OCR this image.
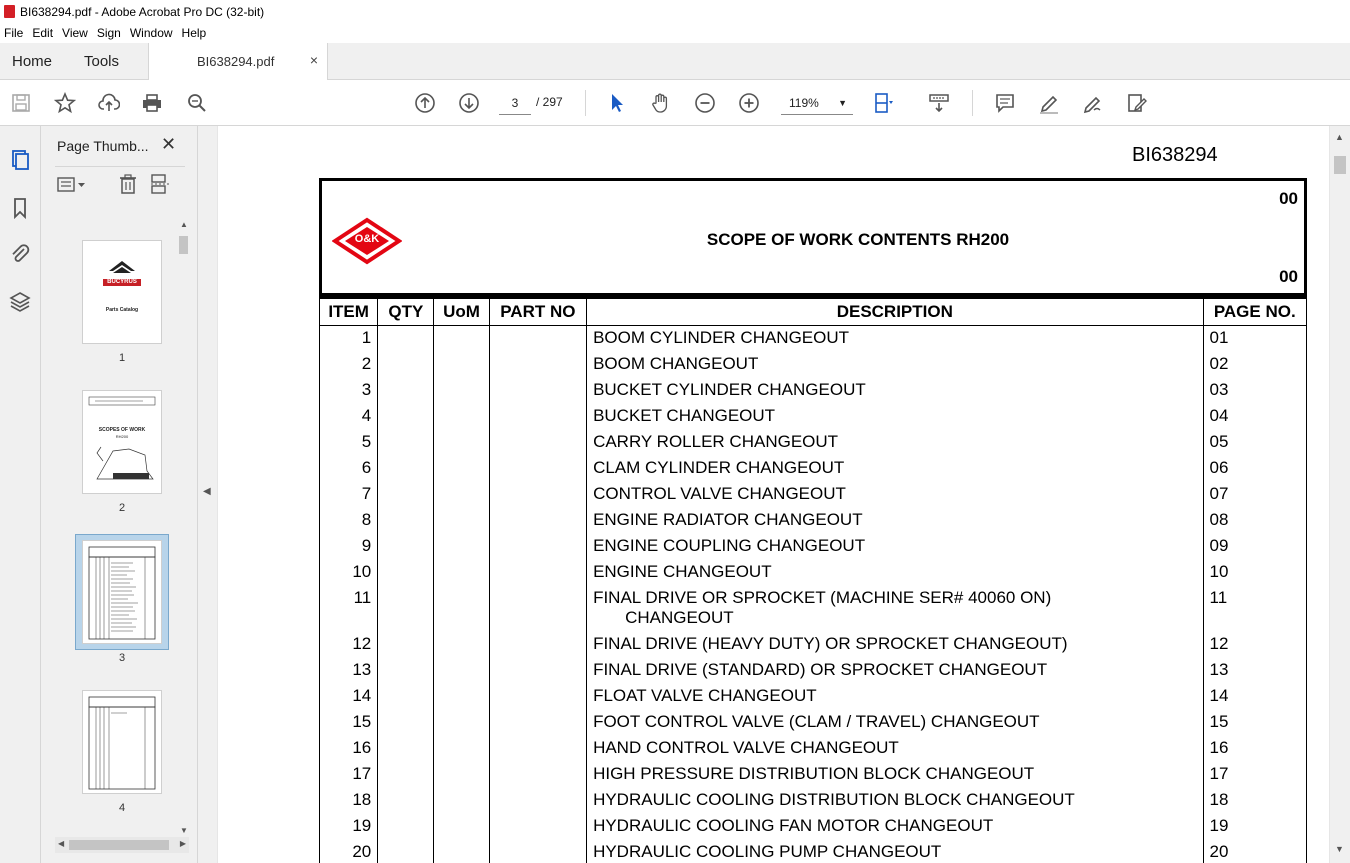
BI638294.pdf - Adobe Acrobat Pro DC (32-bit)
File Edit View Sign Window Help
Home Tools	BI638294.pdf	×
3	/ 297	119% ▼
Page Thumb... ✕
BUCYRUS
Parts Catalog
1
SCOPES OF WORK
RH200
2
3
4
▲
▼
◀	▶
◀
BI638294
O&K
00
SCOPE OF WORK CONTENTS RH200
00
ITEM	QTY	UoM	PART NO	DESCRIPTION	PAGE NO.
1				BOOM CYLINDER CHANGEOUT	01
2				BOOM CHANGEOUT	02
3				BUCKET CYLINDER CHANGEOUT	03
4				BUCKET CHANGEOUT	04
5				CARRY ROLLER CHANGEOUT	05
6				CLAM CYLINDER CHANGEOUT	06
7				CONTROL VALVE CHANGEOUT	07
8				ENGINE RADIATOR CHANGEOUT	08
9				ENGINE COUPLING CHANGEOUT	09
10				ENGINE CHANGEOUT	10
11				FINAL DRIVE OR SPROCKET (MACHINE SER# 40060 ON)
CHANGEOUT	11
12				FINAL DRIVE (HEAVY DUTY) OR SPROCKET CHANGEOUT)	12
13				FINAL DRIVE (STANDARD) OR SPROCKET CHANGEOUT	13
14				FLOAT VALVE CHANGEOUT	14
15				FOOT CONTROL VALVE (CLAM / TRAVEL) CHANGEOUT	15
16				HAND CONTROL VALVE CHANGEOUT	16
17				HIGH PRESSURE DISTRIBUTION BLOCK CHANGEOUT	17
18				HYDRAULIC COOLING DISTRIBUTION BLOCK CHANGEOUT	18
19				HYDRAULIC COOLING FAN MOTOR CHANGEOUT	19
20				HYDRAULIC COOLING PUMP CHANGEOUT	20
▲
▼
